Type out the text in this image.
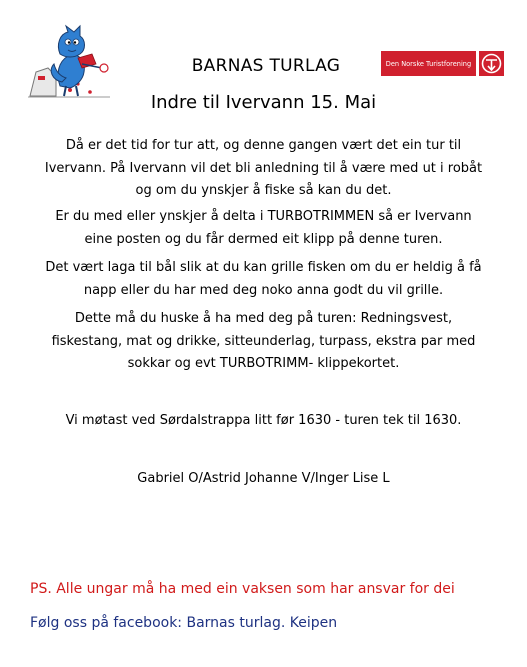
BARNAS TURLAG	Den Norske Turistforening
Indre til Ivervann 15. Mai

Då er det tid for tur att, og denne gangen vært det ein tur til Ivervann. På Ivervann vil det bli anledning til å være med ut i robåt og om du ynskjer å fiske så kan du det.

Er du med eller ynskjer å delta i TURBOTRIMMEN så er Ivervann eine posten og du får dermed eit klipp på denne turen.

Det vært laga til bål slik at du kan grille fisken om du er heldig å få napp eller du har med deg noko anna godt du vil grille.

Dette må du huske å ha med deg på turen: Redningsvest, fiskestang, mat og drikke, sitteunderlag, turpass, ekstra par med sokkar og evt TURBOTRIMM- klippekortet.

Vi møtast ved Sørdalstrappa litt før 1630 - turen tek til 1630.

Gabriel O/Astrid Johanne V/Inger Lise L

PS. Alle ungar må ha med ein vaksen som har ansvar for dei

Følg oss på facebook: Barnas turlag. Keipen
